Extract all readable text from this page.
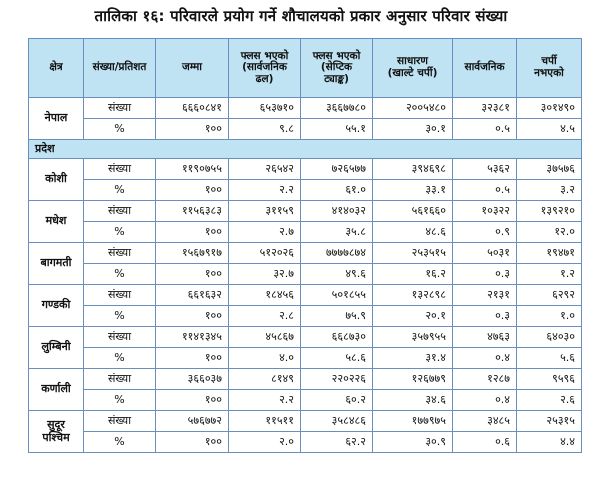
तालिका १६: परिवारले प्रयोग गर्ने शौचालयको प्रकार अनुसार परिवार संख्या
क्षेत्र	संख्या/प्रतिशत	जम्मा	फ्लस भएको
(सार्वजनिक
ढल)	फ्लस भएको
(सेप्टिक
ट्याङ्क)	साधारण
(खाल्टे चर्पी)	सार्वजनिक	चर्पी
नभएको

नेपाल	संख्या	६६६०८४१	६५३७१०	३६६७७८०	२००५४८०	३२३८१	३०१४९०
	%	१००	९.८	५५.१	३०.१	०.५	४.५
प्रदेश							
कोशी	संख्या	११९०७५५	२६५४२	७२६५७७	३९४६९८	५३६२	३७५७६
	%	१००	२.२	६१.०	३३.१	०.५	३.२
मधेश	संख्या	११५६३८३	३११५९	४१४०३२	५६१६६०	१०३२२	१३९२१०
	%	१००	२.७	३५.८	४८.६	०.९	१२.०
बागमती	संख्या	१५६७९१७	५१२०२६	७७७७८७४	२५३५१५	५०३१	१९४७१
	%	१००	३२.७	४९.६	१६.२	०.३	१.२
गण्डकी	संख्या	६६१६३२	१८४५६	५०१८५५	१३२८९८	२१३१	६२९२
	%	१००	२.८	७५.९	२०.१	०.३	१.०
लुम्बिनी	संख्या	११४१३४५	४५८६७	६६८७३०	३५७९५५	४७६३	६४०३०
	%	१००	४.०	५८.६	३१.४	०.४	५.६
कर्णाली	संख्या	३६६०३७	८१४९	२२०२२६	१२६७७९	१२८७	९५९६
	%	१००	२.२	६०.२	३४.६	०.४	२.६
सुदूर पश्चिम	संख्या	५७६७७२	११५११	३५८४८६	१७७९७५	३४८५	२५३१५
	%	१००	२.०	६२.२	३०.९	०.६	४.४
